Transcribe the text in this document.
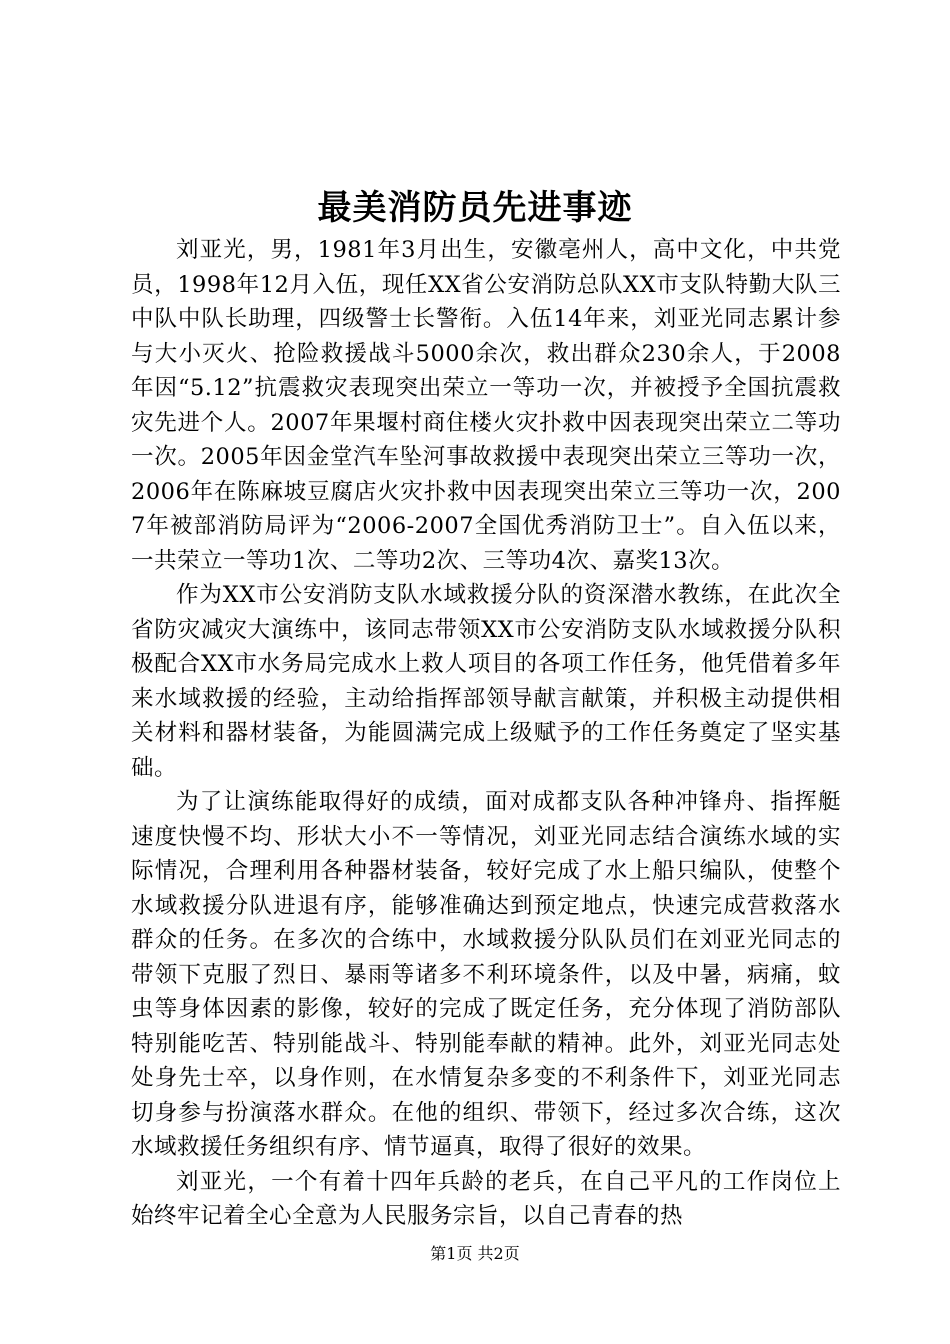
最美消防员先进事迹

刘亚光，男，1981年3月出生，安徽亳州人，高中文化，中共党员，1998年12月入伍，现任XX省公安消防总队XX市支队特勤大队三中队中队长助理，四级警士长警衔。入伍14年来，刘亚光同志累计参与大小灭火、抢险救援战斗5000余次，救出群众230余人，于2008年因“5.12”抗震救灾表现突出荣立一等功一次，并被授予全国抗震救灾先进个人。2007年果堰村商住楼火灾扑救中因表现突出荣立二等功一次。2005年因金堂汽车坠河事故救援中表现突出荣立三等功一次，2006年在陈麻坡豆腐店火灾扑救中因表现突出荣立三等功一次，2007年被部消防局评为“2006-2007全国优秀消防卫士”。自入伍以来，一共荣立一等功1次、二等功2次、三等功4次、嘉奖13次。

作为XX市公安消防支队水域救援分队的资深潜水教练，在此次全省防灾减灾大演练中，该同志带领XX市公安消防支队水域救援分队积极配合XX市水务局完成水上救人项目的各项工作任务，他凭借着多年来水域救援的经验，主动给指挥部领导献言献策，并积极主动提供相关材料和器材装备，为能圆满完成上级赋予的工作任务奠定了坚实基础。

为了让演练能取得好的成绩，面对成都支队各种冲锋舟、指挥艇速度快慢不均、形状大小不一等情况，刘亚光同志结合演练水域的实际情况，合理利用各种器材装备，较好完成了水上船只编队，使整个水域救援分队进退有序，能够准确达到预定地点，快速完成营救落水群众的任务。在多次的合练中，水域救援分队队员们在刘亚光同志的带领下克服了烈日、暴雨等诸多不利环境条件，以及中暑，病痛，蚊虫等身体因素的影像，较好的完成了既定任务，充分体现了消防部队特别能吃苦、特别能战斗、特别能奉献的精神。此外，刘亚光同志处处身先士卒，以身作则，在水情复杂多变的不利条件下，刘亚光同志切身参与扮演落水群众。在他的组织、带领下，经过多次合练，这次水域救援任务组织有序、情节逼真，取得了很好的效果。

刘亚光，一个有着十四年兵龄的老兵，在自己平凡的工作岗位上始终牢记着全心全意为人民服务宗旨，以自己青春的热

第1页 共2页
